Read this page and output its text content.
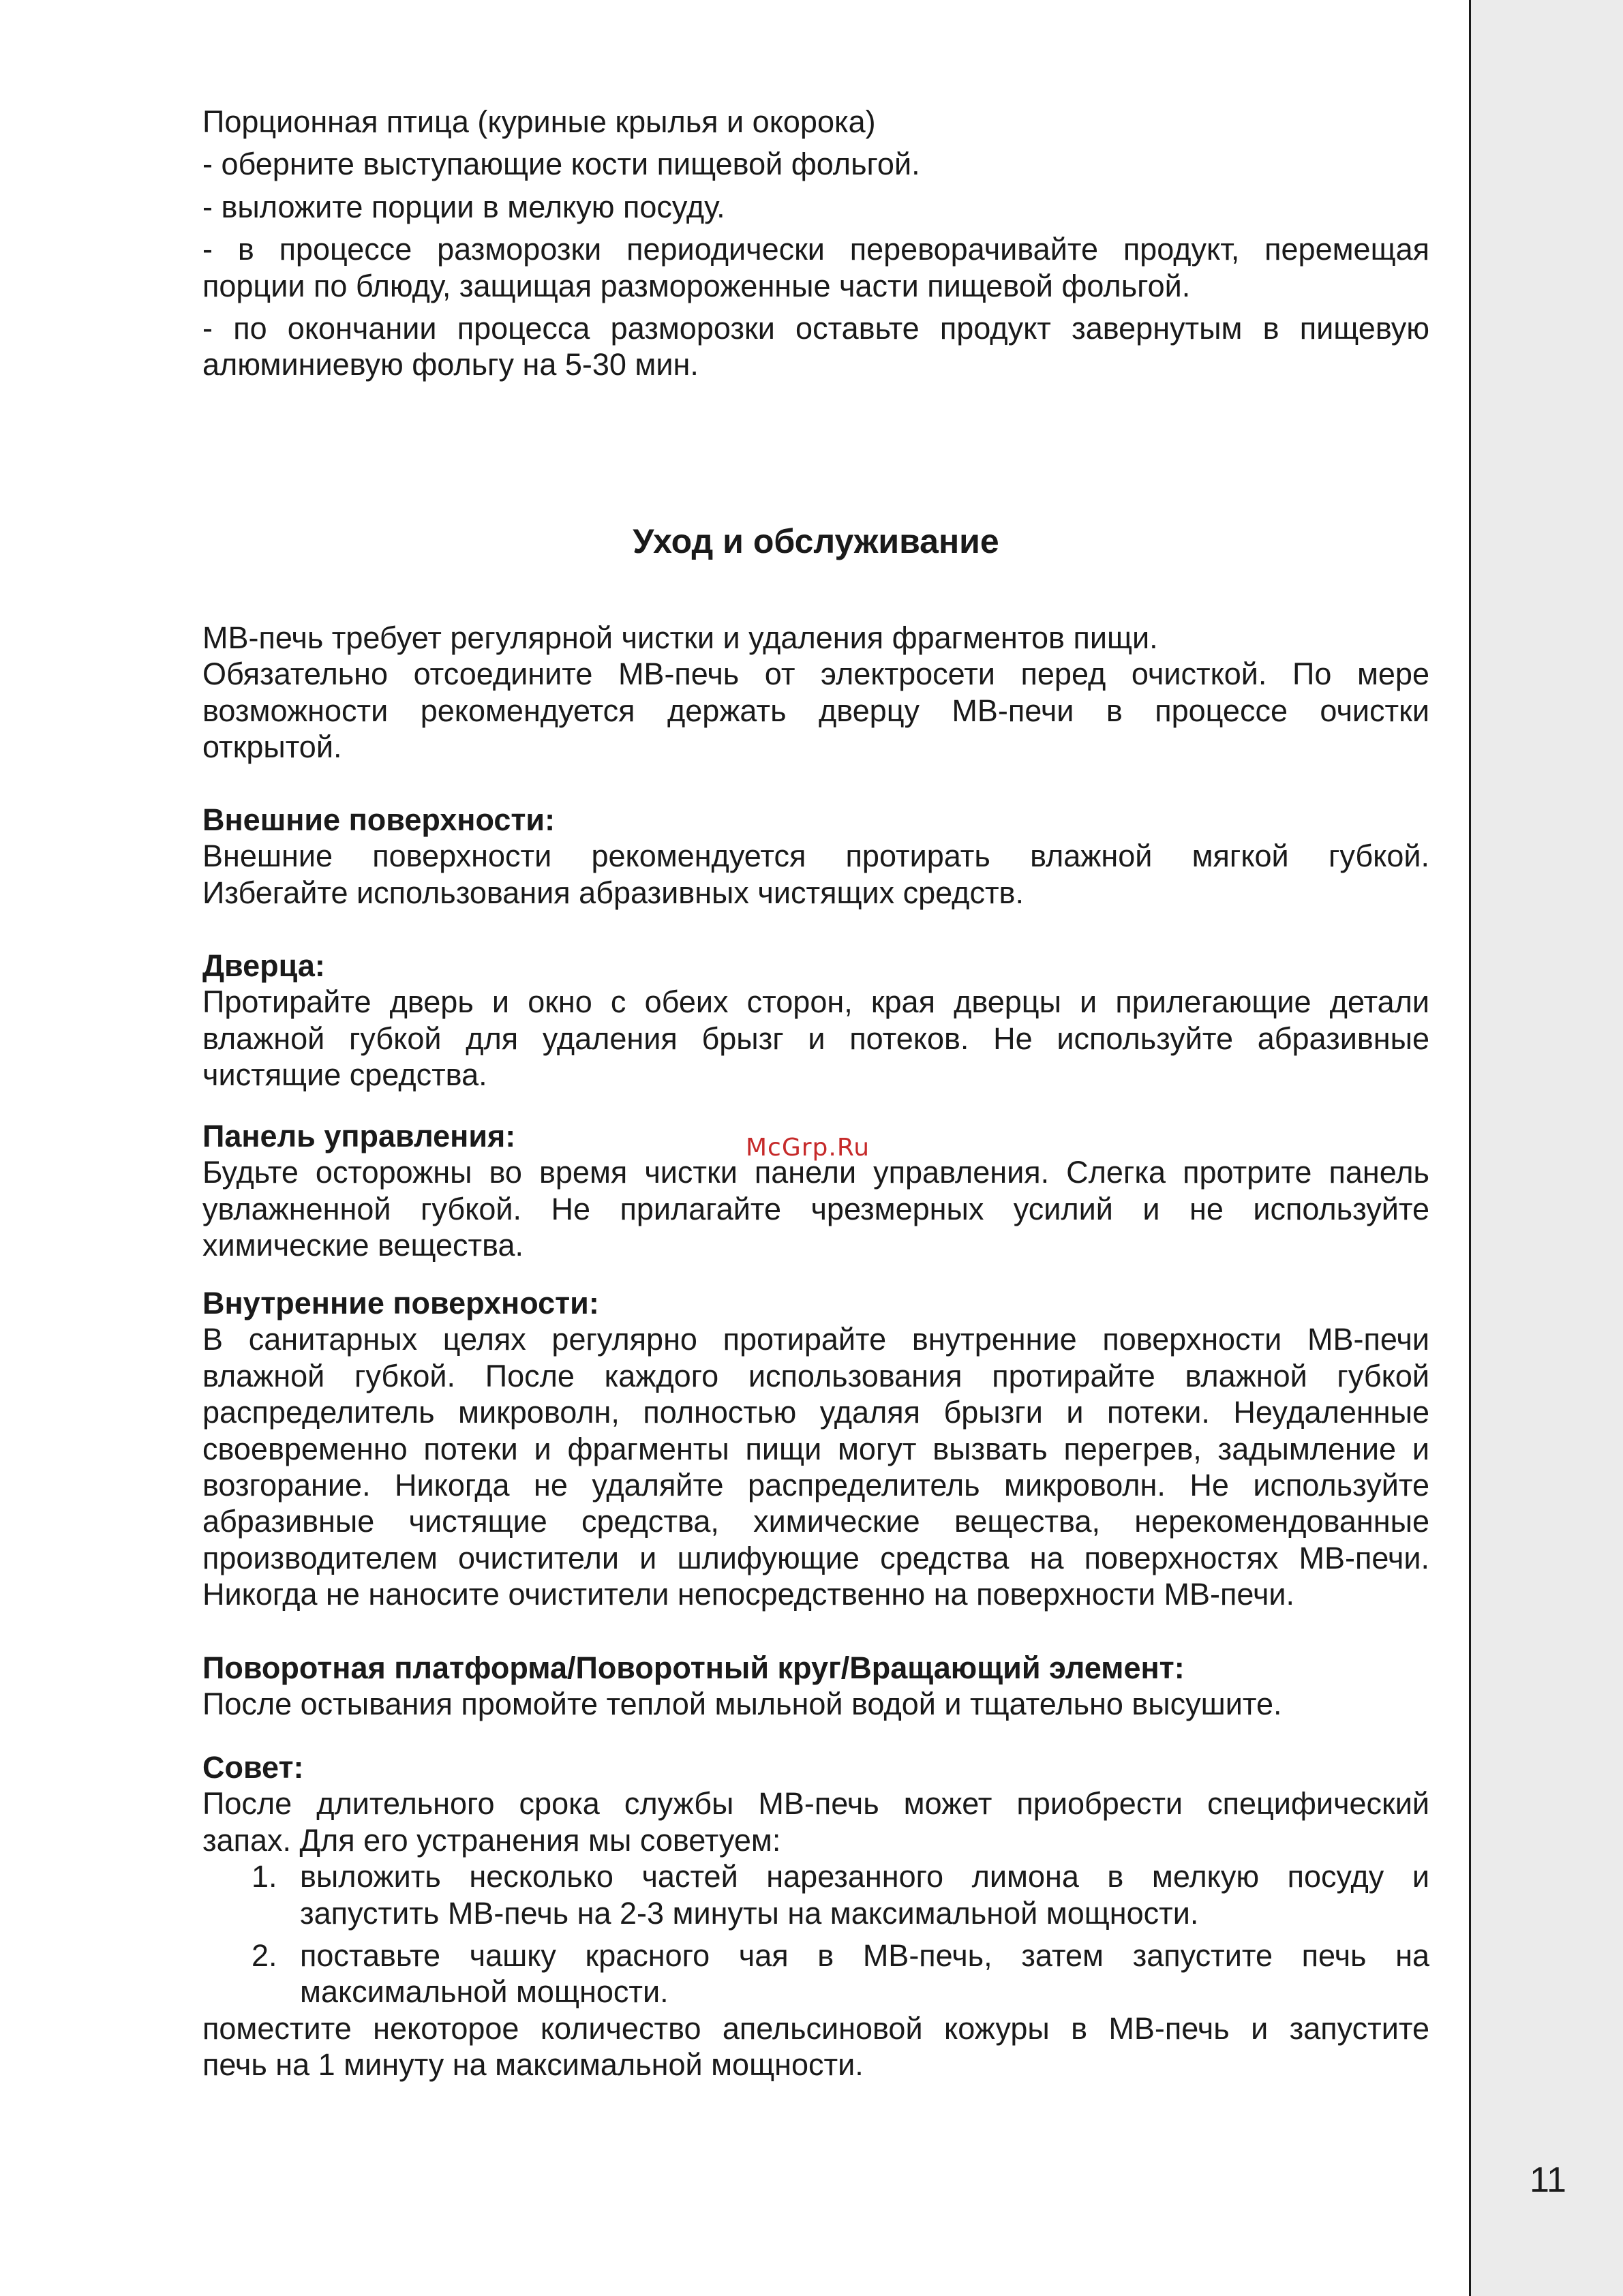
Порционная птица (куриные крылья и окорока)
- оберните выступающие кости пищевой фольгой.
- выложите порции в мелкую посуду.
- в процессе разморозки периодически переворачивайте продукт, перемещая
порции по блюду, защищая размороженные части пищевой фольгой.
- по окончании процесса разморозки оставьте продукт завернутым в пищевую
алюминиевую фольгу на 5-30 мин.
Уход и обслуживание
МВ-печь требует регулярной чистки и удаления фрагментов пищи.
Обязательно отсоедините МВ-печь от электросети перед очисткой. По мере
возможности рекомендуется держать дверцу МВ-печи в процессе очистки
открытой.
Внешние поверхности:
Внешние поверхности рекомендуется протирать влажной мягкой губкой.
Избегайте использования абразивных чистящих средств.
Дверца:
Протирайте дверь и окно с обеих сторон, края дверцы и прилегающие детали
влажной губкой для удаления брызг и потеков. Не используйте абразивные
чистящие средства.
Панель управления:
Будьте осторожны во время чистки панели управления. Слегка протрите панель
увлажненной губкой. Не прилагайте чрезмерных усилий и не используйте
химические вещества.
Внутренние поверхности:
В санитарных целях регулярно протирайте внутренние поверхности МВ-печи
влажной губкой. После каждого использования протирайте влажной губкой
распределитель микроволн, полностью удаляя брызги и потеки. Неудаленные
своевременно потеки и фрагменты пищи могут вызвать перегрев, задымление и
возгорание. Никогда не удаляйте распределитель микроволн. Не используйте
абразивные чистящие средства, химические вещества, нерекомендованные
производителем очистители и шлифующие средства на поверхностях МВ-печи.
Никогда не наносите очистители непосредственно на поверхности МВ-печи.
Поворотная платформа/Поворотный круг/Вращающий элемент:
После остывания промойте теплой мыльной водой и тщательно высушите.
Совет:
После длительного срока службы МВ-печь может приобрести специфический
запах. Для его устранения мы советуем:
1. выложить несколько частей нарезанного лимона в мелкую посуду и
запустить МВ-печь на 2-3 минуты на максимальной мощности.
2. поставьте чашку красного чая в МВ-печь, затем запустите печь на
максимальной мощности.
поместите некоторое количество апельсиновой кожуры в МВ-печь и запустите
печь на 1 минуту на максимальной мощности.
McGrp.Ru
11
